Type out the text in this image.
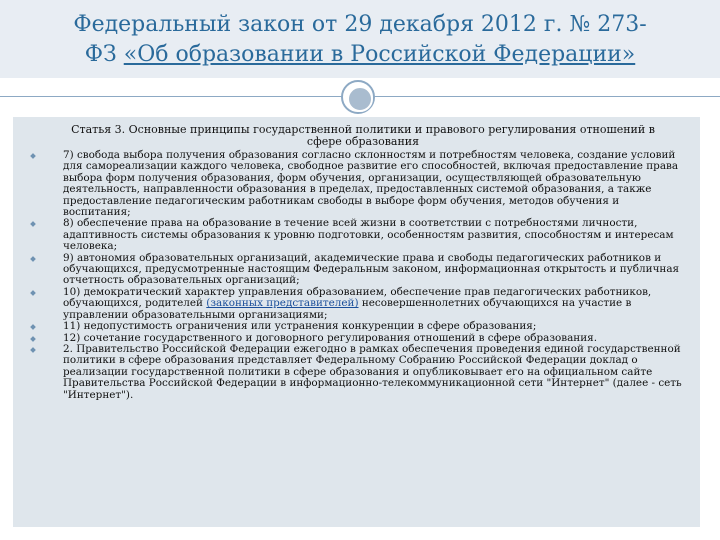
Федеральный закон от 29 декабря 2012 г. № 273-
ФЗ «Об образовании в Российской Федерации»

Статья 3. Основные принципы государственной политики и правового регулирования отношений в сфере образования

7) свобода выбора получения образования согласно склонностям и потребностям человека, создание условий для самореализации каждого человека, свободное развитие его способностей, включая предоставление права выбора форм получения образования, форм обучения, организации, осуществляющей образовательную деятельность, направленности образования в пределах, предоставленных системой образования, а также предоставление педагогическим работникам свободы в выборе форм обучения, методов обучения и воспитания;
8) обеспечение права на образование в течение всей жизни в соответствии с потребностями личности, адаптивность системы образования к уровню подготовки, особенностям развития, способностям и интересам человека;
9) автономия образовательных организаций, академические права и свободы педагогических работников и обучающихся, предусмотренные настоящим Федеральным законом, информационная открытость и публичная отчетность образовательных организаций;
10) демократический характер управления образованием, обеспечение прав педагогических работников, обучающихся, родителей (законных представителей) несовершеннолетних обучающихся на участие в управлении образовательными организациями;
11) недопустимость ограничения или устранения конкуренции в сфере образования;
12) сочетание государственного и договорного регулирования отношений в сфере образования.
2. Правительство Российской Федерации ежегодно в рамках обеспечения проведения единой государственной политики в сфере образования представляет Федеральному Собранию Российской Федерации доклад о реализации государственной политики в сфере образования и опубликовывает его на официальном сайте Правительства Российской Федерации в информационно-телекоммуникационной сети "Интернет" (далее - сеть "Интернет").
